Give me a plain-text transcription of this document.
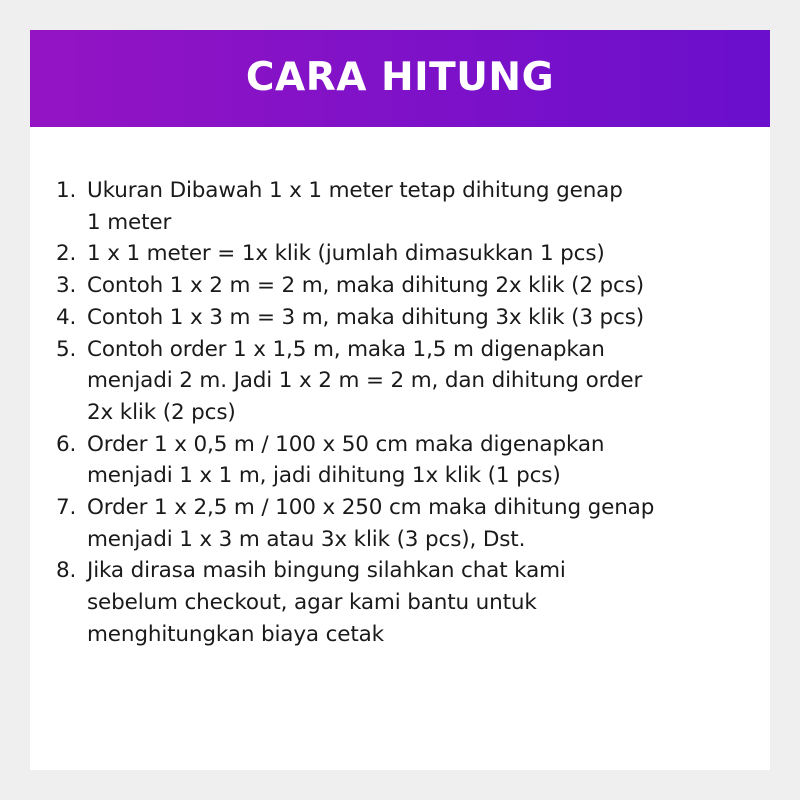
CARA HITUNG
1. Ukuran Dibawah 1 x 1 meter tetap dihitung genap
1 meter
2. 1 x 1 meter = 1x klik (jumlah dimasukkan 1 pcs)
3. Contoh 1 x 2 m = 2 m, maka dihitung 2x klik (2 pcs)
4. Contoh 1 x 3 m = 3 m, maka dihitung 3x klik (3 pcs)
5. Contoh order 1 x 1,5 m, maka 1,5 m digenapkan
menjadi 2 m. Jadi 1 x 2 m = 2 m, dan dihitung order
2x klik (2 pcs)
6. Order 1 x 0,5 m / 100 x 50 cm maka digenapkan
menjadi 1 x 1 m, jadi dihitung 1x klik (1 pcs)
7. Order 1 x 2,5 m / 100 x 250 cm maka dihitung genap
menjadi 1 x 3 m atau 3x klik (3 pcs), Dst.
8. Jika dirasa masih bingung silahkan chat kami
sebelum checkout, agar kami bantu untuk
menghitungkan biaya cetak
